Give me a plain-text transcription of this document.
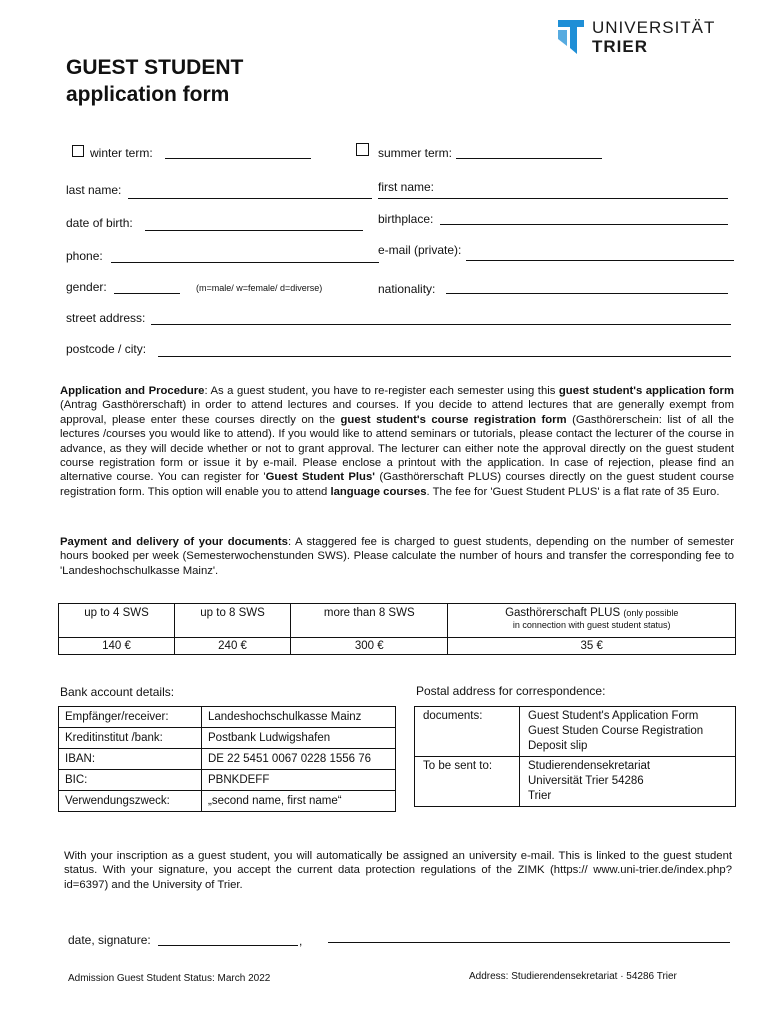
UNIVERSITÄT
TRIER
GUEST STUDENT
application form
winter term:	summer term:
last name:	first name:
date of birth:	birthplace:
phone:	e-mail (private):
gender:	(m=male/ w=female/ d=diverse)	nationality:
street address:
postcode / city:
Application and Procedure: As a guest student, you have to re-register each semester using this guest student's application form (Antrag Gasthörerschaft) in order to attend lectures and courses. If you decide to attend lectures that are generally exempt from approval, please enter these courses directly on the guest student's course registration form (Gasthörerschein: list of all the lectures /courses you would like to attend). If you would like to attend seminars or tutorials, please contact the lecturer of the course in advance, as they will decide whether or not to grant approval. The lecturer can either note the approval directly on the guest student course registration form or issue it by e-mail. Please enclose a printout with the application. In case of rejection, please find an alternative course. You can register for 'Guest Student Plus' (Gasthörerschaft PLUS) courses directly on the guest student course registration form. This option will enable you to attend language courses. The fee for 'Guest Student PLUS' is a flat rate of 35 Euro.
Payment and delivery of your documents: A staggered fee is charged to guest students, depending on the number of semester hours booked per week (Semesterwochenstunden SWS). Please calculate the number of hours and transfer the corresponding fee to 'Landeshochschulkasse Mainz'.
up to 4 SWS	up to 8 SWS	more than 8 SWS	Gasthörerschaft PLUS (only possible
in connection with guest student status)
140 €	240 €	300 €	35 €
Bank account details:	Postal address for correspondence:
Empfänger/receiver:	Landeshochschulkasse Mainz
Kreditinstitut /bank:	Postbank Ludwigshafen
IBAN:	DE 22 5451 0067 0228 1556 76
BIC:	PBNKDEFF
Verwendungszweck:	„second name, first name“
documents:	Guest Student's Application Form
Guest Studen Course Registration
Deposit slip

To be sent to:	Studierendensekretariat
Universität Trier 54286
Trier
With your inscription as a guest student, you will automatically be assigned an university e-mail. This is linked to the guest student status. With your signature, you accept the current data protection regulations of the ZIMK (https:// www.uni-trier.de/index.php?id=6397) and the University of Trier.
date, signature:	,
Admission Guest Student Status: March 2022	Address: Studierendensekretariat · 54286 Trier
